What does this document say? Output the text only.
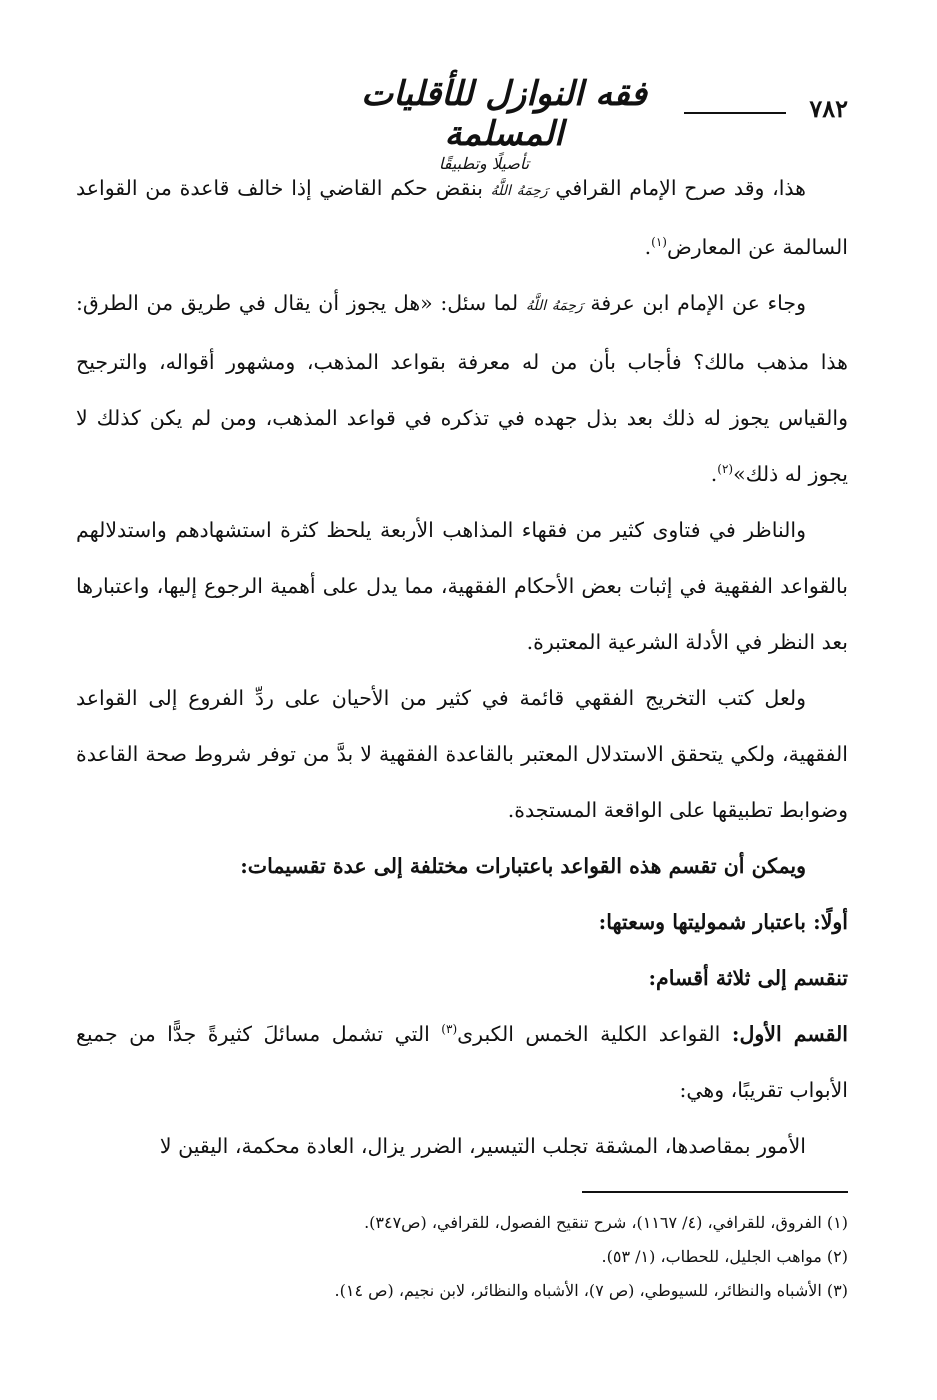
٧٨٢
فقه النوازل للأقليات المسلمة
تأصيلًا وتطبيقًا

هذا، وقد صرح الإمام القرافي رَحِمَهُ اللَّهُ بنقض حكم القاضي إذا خالف قاعدة من القواعد السالمة عن المعارض$^{(١)}$.

وجاء عن الإمام ابن عرفة رَحِمَهُ اللَّهُ لما سئل: «هل يجوز أن يقال في طريق من الطرق: هذا مذهب مالك؟ فأجاب بأن من له معرفة بقواعد المذهب، ومشهور أقواله، والترجيح والقياس يجوز له ذلك بعد بذل جهده في تذكره في قواعد المذهب، ومن لم يكن كذلك لا يجوز له ذلك»$^{(٢)}$.

والناظر في فتاوى كثير من فقهاء المذاهب الأربعة يلحظ كثرة استشهادهم واستدلالهم بالقواعد الفقهية في إثبات بعض الأحكام الفقهية، مما يدل على أهمية الرجوع إليها، واعتبارها بعد النظر في الأدلة الشرعية المعتبرة.

ولعل كتب التخريج الفقهي قائمة في كثير من الأحيان على ردِّ الفروع إلى القواعد الفقهية، ولكي يتحقق الاستدلال المعتبر بالقاعدة الفقهية لا بدَّ من توفر شروط صحة القاعدة وضوابط تطبيقها على الواقعة المستجدة.

ويمكن أن تقسم هذه القواعد باعتبارات مختلفة إلى عدة تقسيمات:

أولًا: باعتبار شموليتها وسعتها:

تنقسم إلى ثلاثة أقسام:

القسم الأول: القواعد الكلية الخمس الكبرى$^{(٣)}$ التي تشمل مسائلَ كثيرةً جدًّا من جميع الأبواب تقريبًا، وهي:

الأمور بمقاصدها، المشقة تجلب التيسير، الضرر يزال، العادة محكمة، اليقين لا

(١) الفروق، للقرافي، (٤/ ١١٦٧)، شرح تنقيح الفصول، للقرافي، (ص٣٤٧).

(٢) مواهب الجليل، للحطاب، (١/ ٥٣).

(٣) الأشباه والنظائر، للسيوطي، (ص ٧)، الأشباه والنظائر، لابن نجيم، (ص ١٤).
